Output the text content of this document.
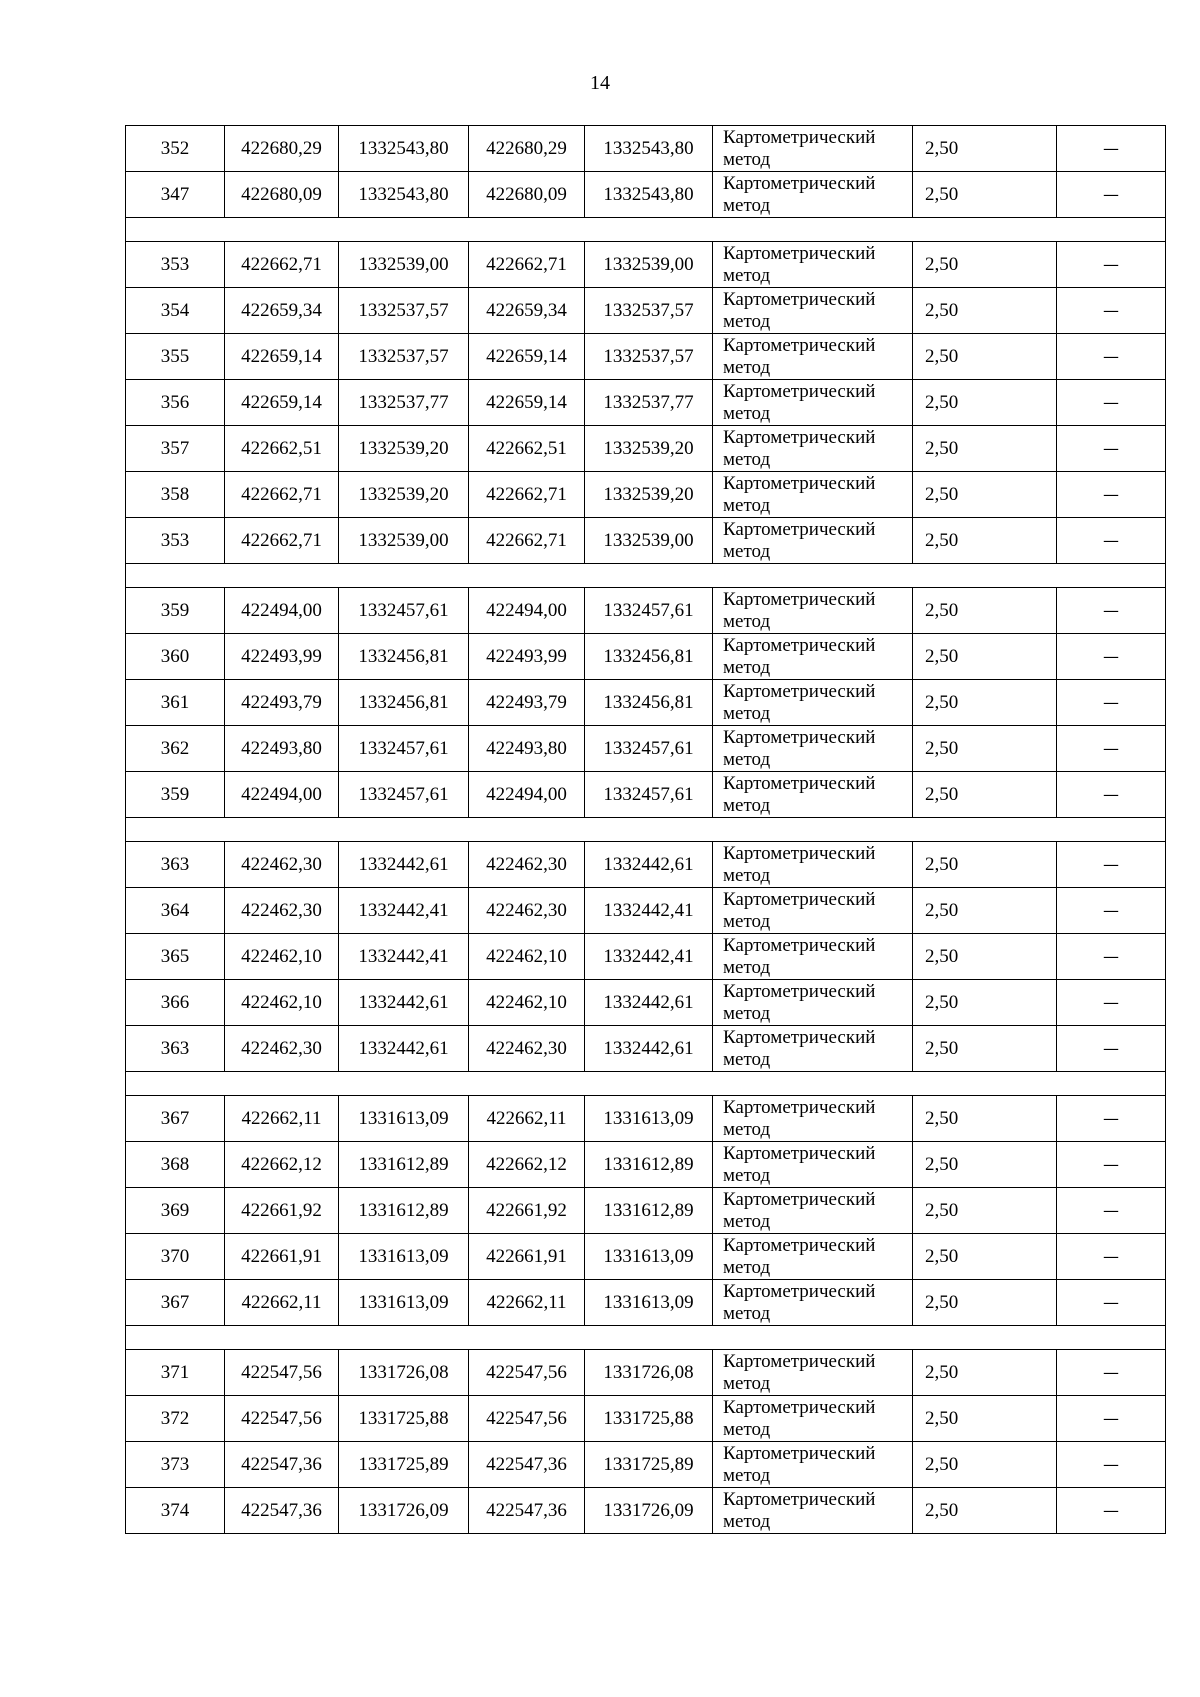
14
352	422680,29	1332543,80	422680,29	1332543,80	Картометрический метод	2,50	—
347	422680,09	1332543,80	422680,09	1332543,80	Картометрический метод	2,50	—

353	422662,71	1332539,00	422662,71	1332539,00	Картометрический метод	2,50	—
354	422659,34	1332537,57	422659,34	1332537,57	Картометрический метод	2,50	—
355	422659,14	1332537,57	422659,14	1332537,57	Картометрический метод	2,50	—
356	422659,14	1332537,77	422659,14	1332537,77	Картометрический метод	2,50	—
357	422662,51	1332539,20	422662,51	1332539,20	Картометрический метод	2,50	—
358	422662,71	1332539,20	422662,71	1332539,20	Картометрический метод	2,50	—
353	422662,71	1332539,00	422662,71	1332539,00	Картометрический метод	2,50	—

359	422494,00	1332457,61	422494,00	1332457,61	Картометрический метод	2,50	—
360	422493,99	1332456,81	422493,99	1332456,81	Картометрический метод	2,50	—
361	422493,79	1332456,81	422493,79	1332456,81	Картометрический метод	2,50	—
362	422493,80	1332457,61	422493,80	1332457,61	Картометрический метод	2,50	—
359	422494,00	1332457,61	422494,00	1332457,61	Картометрический метод	2,50	—

363	422462,30	1332442,61	422462,30	1332442,61	Картометрический метод	2,50	—
364	422462,30	1332442,41	422462,30	1332442,41	Картометрический метод	2,50	—
365	422462,10	1332442,41	422462,10	1332442,41	Картометрический метод	2,50	—
366	422462,10	1332442,61	422462,10	1332442,61	Картометрический метод	2,50	—
363	422462,30	1332442,61	422462,30	1332442,61	Картометрический метод	2,50	—

367	422662,11	1331613,09	422662,11	1331613,09	Картометрический метод	2,50	—
368	422662,12	1331612,89	422662,12	1331612,89	Картометрический метод	2,50	—
369	422661,92	1331612,89	422661,92	1331612,89	Картометрический метод	2,50	—
370	422661,91	1331613,09	422661,91	1331613,09	Картометрический метод	2,50	—
367	422662,11	1331613,09	422662,11	1331613,09	Картометрический метод	2,50	—

371	422547,56	1331726,08	422547,56	1331726,08	Картометрический метод	2,50	—
372	422547,56	1331725,88	422547,56	1331725,88	Картометрический метод	2,50	—
373	422547,36	1331725,89	422547,36	1331725,89	Картометрический метод	2,50	—
374	422547,36	1331726,09	422547,36	1331726,09	Картометрический метод	2,50	—
